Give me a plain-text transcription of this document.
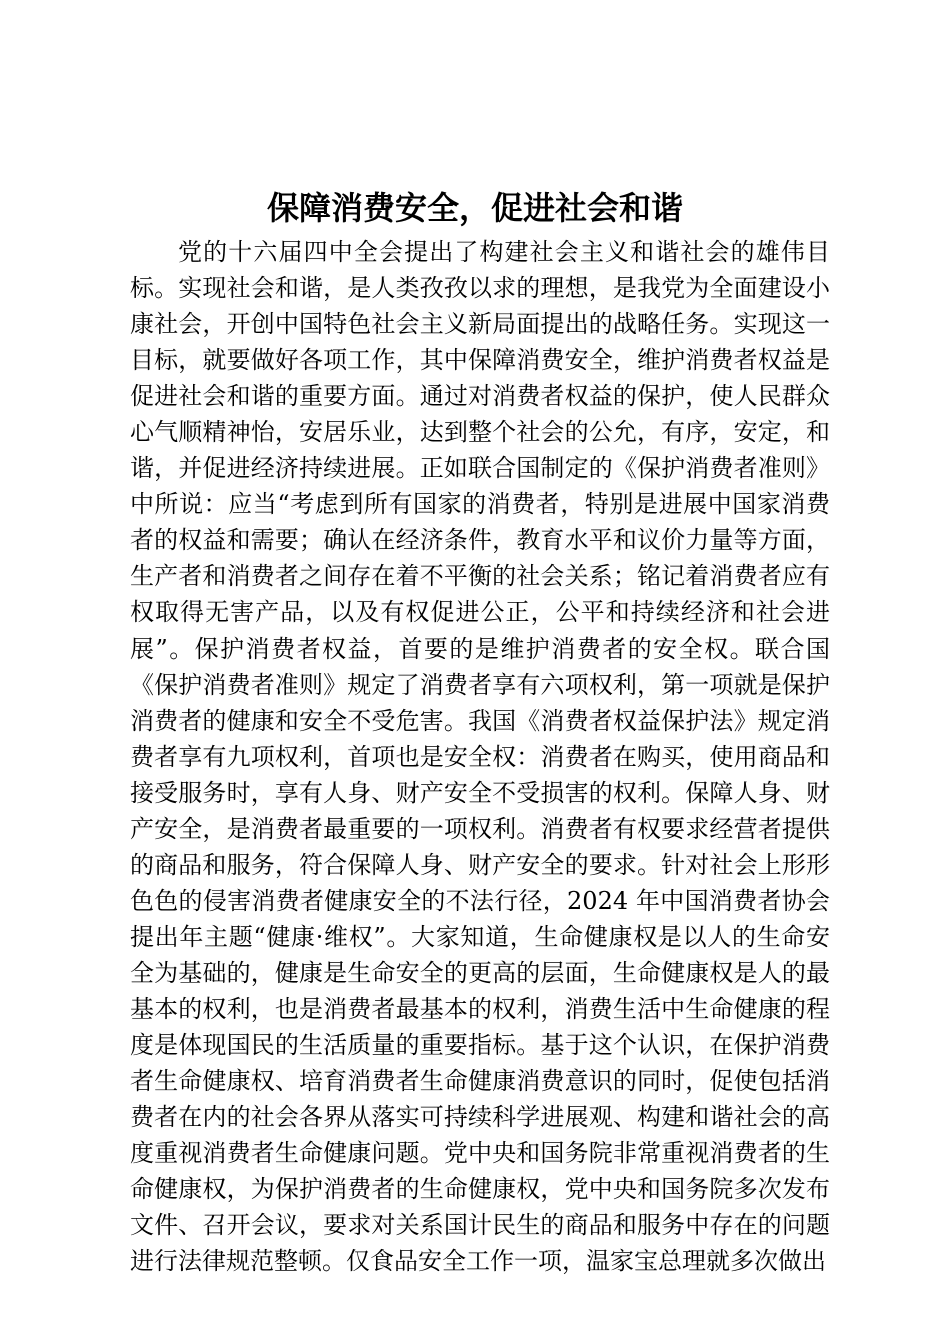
保障消费安全，促进社会和谐

党的十六届四中全会提出了构建社会主义和谐社会的雄伟目标。实现社会和谐，是人类孜孜以求的理想，是我党为全面建设小康社会，开创中国特色社会主义新局面提出的战略任务。实现这一目标，就要做好各项工作，其中保障消费安全，维护消费者权益是促进社会和谐的重要方面。通过对消费者权益的保护，使人民群众心气顺精神怡，安居乐业，达到整个社会的公允，有序，安定，和谐，并促进经济持续进展。正如联合国制定的《保护消费者准则》中所说：应当“考虑到所有国家的消费者，特别是进展中国家消费者的权益和需要；确认在经济条件，教育水平和议价力量等方面，生产者和消费者之间存在着不平衡的社会关系；铭记着消费者应有权取得无害产品，以及有权促进公正，公平和持续经济和社会进展”。保护消费者权益，首要的是维护消费者的安全权。联合国《保护消费者准则》规定了消费者享有六项权利，第一项就是保护消费者的健康和安全不受危害。我国《消费者权益保护法》规定消费者享有九项权利，首项也是安全权：消费者在购买，使用商品和接受服务时，享有人身、财产安全不受损害的权利。保障人身、财产安全，是消费者最重要的一项权利。消费者有权要求经营者提供的商品和服务，符合保障人身、财产安全的要求。针对社会上形形色色的侵害消费者健康安全的不法行径，2024 年中国消费者协会提出年主题“健康·维权”。大家知道，生命健康权是以人的生命安全为基础的，健康是生命安全的更高的层面，生命健康权是人的最基本的权利，也是消费者最基本的权利，消费生活中生命健康的程度是体现国民的生活质量的重要指标。基于这个认识，在保护消费者生命健康权、培育消费者生命健康消费意识的同时，促使包括消费者在内的社会各界从落实可持续科学进展观、构建和谐社会的高度重视消费者生命健康问题。党中央和国务院非常重视消费者的生命健康权，为保护消费者的生命健康权，党中央和国务院多次发布文件、召开会议，要求对关系国计民生的商品和服务中存在的问题进行法律规范整顿。仅食品安全工作一项，温家宝总理就多次做出
